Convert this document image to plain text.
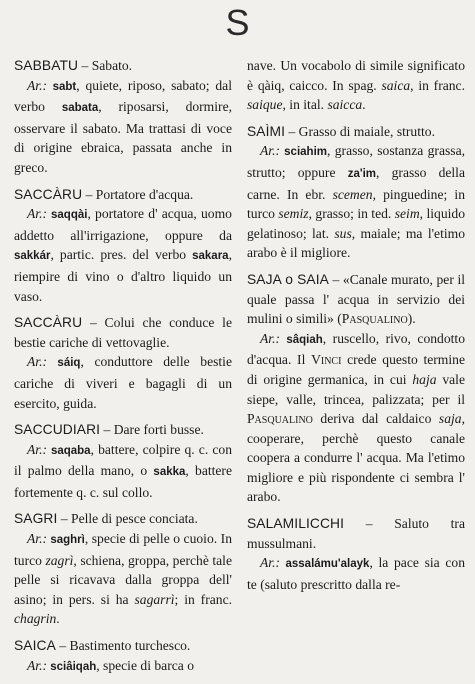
S
SABBATU – Sabato.
Ar.: sabt, quiete, riposo, sabato; dal verbo sabata, riposarsi, dormire, osservare il sabato. Ma trattasi di voce di origine ebraica, passata anche in greco.
SACCÀRU – Portatore d'acqua.
Ar.: saqqài, portatore d' acqua, uomo addetto all'irrigazione, oppure da sakkár, partic. pres. del verbo sakara, riempire di vino o d'altro liquido un vaso.
SACCÀRU – Colui che conduce le bestie cariche di vettovaglie.
Ar.: sáiq, conduttore delle bestie cariche di viveri e bagagli di un esercito, guida.
SACCUDIARI – Dare forti busse.
Ar.: saqaba, battere, colpire q. c. con il palmo della mano, o sakka, battere fortemente q. c. sul collo.
SAGRI – Pelle di pesce conciata.
Ar.: saghrì, specie di pelle o cuoio. In turco zagrì, schiena, groppa, perchè tale pelle si ricavava dalla groppa dell' asino; in pers. si ha sagarrì; in franc. chagrin.
SAICA – Bastimento turchesco.
Ar.: sciâiqah, specie di barca o
nave. Un vocabolo di simile significato è qàiq, caicco. In spag. saica, in franc. saique, in ital. saicca.
SAÌMI – Grasso di maiale, strutto.
Ar.: sciahim, grasso, sostanza grassa, strutto; oppure za'im, grasso della carne. In ebr. scemen, pinguedine; in turco semiz, grasso; in ted. seim, liquido gelatinoso; lat. sus, maiale; ma l'etimo arabo è il migliore.
SAJA o SAIA – «Canale murato, per il quale passa l' acqua in servizio dei mulini o simili» (Pasqualino).
Ar.: sâqiah, ruscello, rivo, condotto d'acqua. Il Vinci crede questo termine di origine germanica, in cui haja vale siepe, valle, trincea, palizzata; per il Pasqualino deriva dal caldaico saja, cooperare, perchè questo canale coopera a condurre l' acqua. Ma l'etimo migliore e più rispondente ci sembra l' arabo.
SALAMILICCHI – Saluto tra mussulmani.
Ar.: assalámu'alayk, la pace sia con te (saluto prescritto dalla re-
